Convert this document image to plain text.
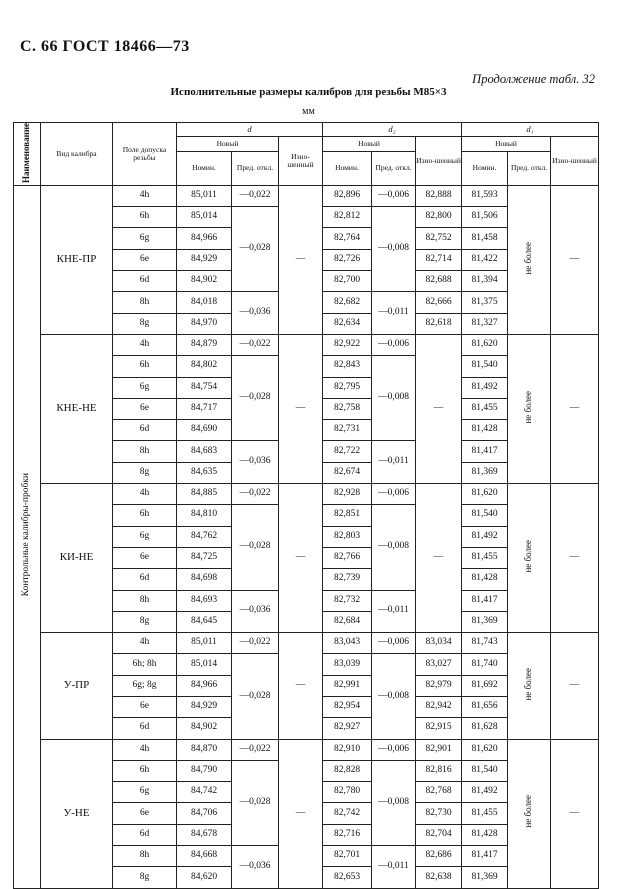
С. 66 ГОСТ 18466—73
Продолжение табл. 32
Исполнительные размеры калибров для резьбы M85×3
мм
Наименование	Вид калибра	Поле допуска резьбы	d			d₂			d₁		
			Новый		Изно-шенный	Новый		Изно-шенный	Новый		Изно-шенный
			Номин.	Пред. откл.		Номин.	Пред. откл.		Номин.	Пред. откл.	
Контрольные калибры-пробки	КНЕ-ПР	4h	85,011	—0,022	—	82,896	—0,006	82,888	81,593	не более	—
		6h	85,014	—0,028		82,812	—0,008	82,800	81,506		
		6g	84,966			82,764		82,752	81,458		
		6e	84,929			82,726		82,714	81,422		
		6d	84,902			82,700		82,688	81,394		
		8h	84,018	—0,036		82,682	—0,011	82,666	81,375		
		8g	84,970			82,634		82,618	81,327		
	КНЕ-НЕ	4h	84,879	—0,022	—	82,922	—0,006	—	81,620	не более	—
		6h	84,802	—0,028		82,843	—0,008		81,540		
		6g	84,754			82,795			81,492		
		6e	84,717			82,758			81,455		
		6d	84,690			82,731			81,428		
		8h	84,683	—0,036		82,722	—0,011		81,417		
		8g	84,635			82,674			81,369		
	КИ-НЕ	4h	84,885	—0,022	—	82,928	—0,006	—	81,620	не более	—
		6h	84,810	—0,028		82,851	—0,008		81,540		
		6g	84,762			82,803			81,492		
		6e	84,725			82,766			81,455		
		6d	84,698			82,739			81,428		
		8h	84,693	—0,036		82,732	—0,011		81,417		
		8g	84,645			82,684			81,369		
	У-ПР	4h	85,011	—0,022	—	83,043	—0,006	83,034	81,743	не более	—
		6h; 8h	85,014	—0,028		83,039	—0,008	83,027	81,740		
		6g; 8g	84,966			82,991		82,979	81,692		
		6e	84,929			82,954		82,942	81,656		
		6d	84,902			82,927		82,915	81,628		
	У-НЕ	4h	84,870	—0,022	—	82,910	—0,006	82,901	81,620	не более	—
		6h	84,790	—0,028		82,828	—0,008	82,816	81,540		
		6g	84,742			82,780		82,768	81,492		
		6e	84,706			82,742		82,730	81,455		
		6d	84,678			82,716		82,704	81,428		
		8h	84,668	—0,036		82,701	—0,011	82,686	81,417		
		8g	84,620			82,653		82,638	81,369		
